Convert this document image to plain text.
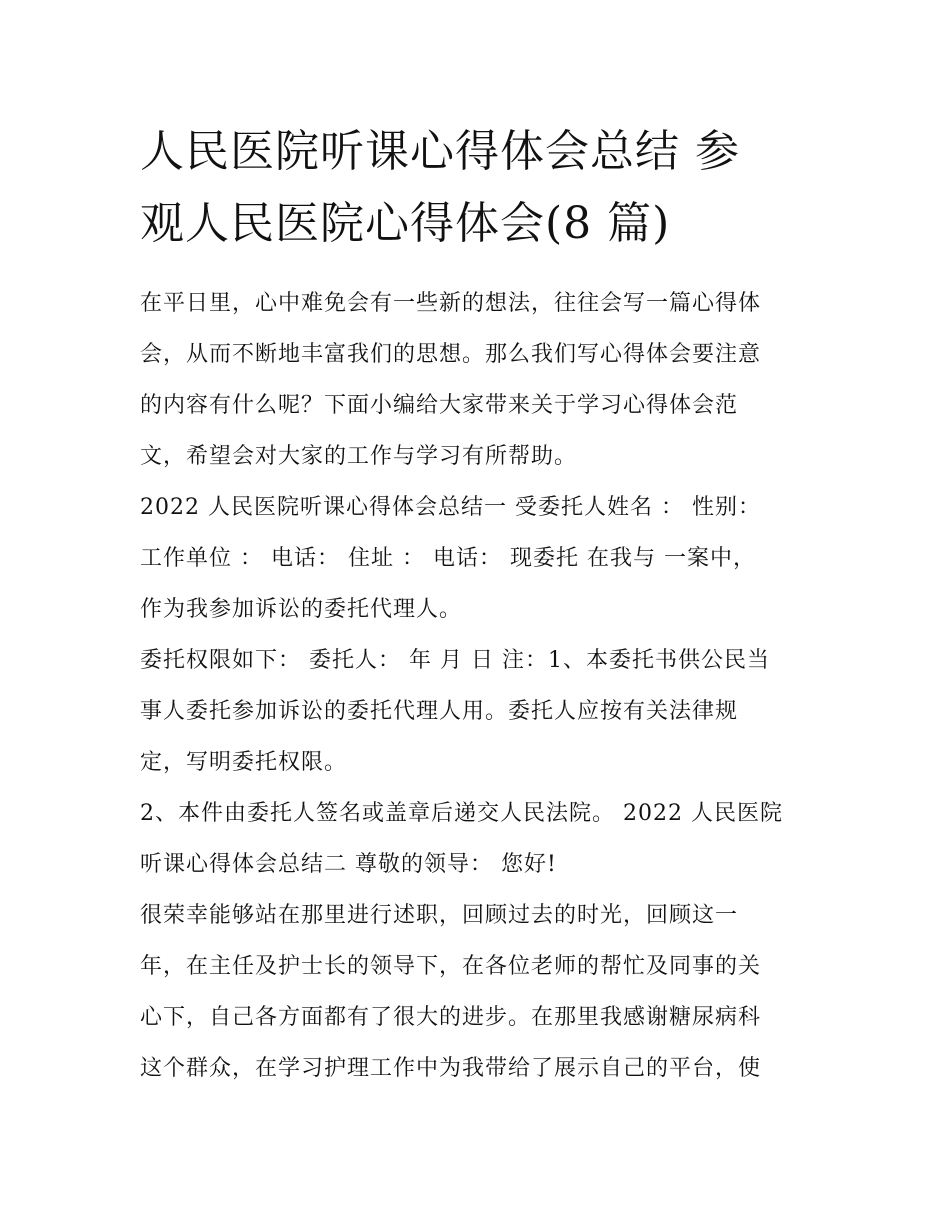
人民医院听课心得体会总结 参
观人民医院心得体会(8 篇)

在平日里，心中难免会有一些新的想法，往往会写一篇心得体
会，从而不断地丰富我们的思想。那么我们写心得体会要注意
的内容有什么呢？下面小编给大家带来关于学习心得体会范
文，希望会对大家的工作与学习有所帮助。

2022 人民医院听课心得体会总结一 受委托人姓名 ： 性别：
工作单位 ： 电话： 住址 ： 电话： 现委托 在我与 一案中，
作为我参加诉讼的委托代理人。

委托权限如下： 委托人： 年 月 日 注：1、本委托书供公民当
事人委托参加诉讼的委托代理人用。委托人应按有关法律规
定，写明委托权限。

2、本件由委托人签名或盖章后递交人民法院。 2022 人民医院
听课心得体会总结二 尊敬的领导： 您好!

很荣幸能够站在那里进行述职，回顾过去的时光，回顾这一
年，在主任及护士长的领导下，在各位老师的帮忙及同事的关
心下，自己各方面都有了很大的进步。在那里我感谢糖尿病科
这个群众，在学习护理工作中为我带给了展示自己的平台，使
